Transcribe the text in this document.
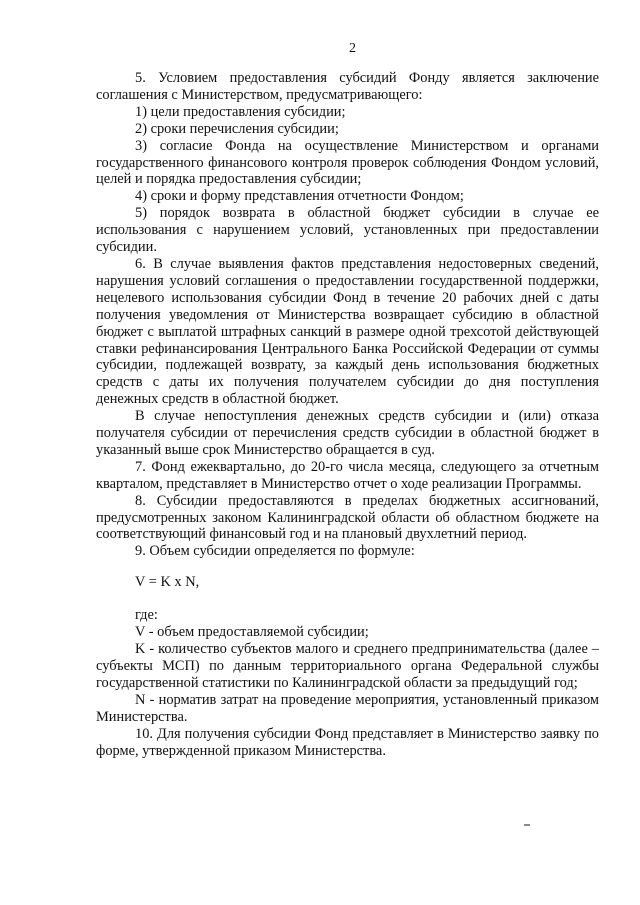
2

5. Условием предоставления субсидий Фонду является заключение соглашения с Министерством, предусматривающего:

1) цели предоставления субсидии;

2) сроки перечисления субсидии;

3) согласие Фонда на осуществление Министерством и органами государственного финансового контроля проверок соблюдения Фондом условий, целей и порядка предоставления субсидии;

4) сроки и форму представления отчетности Фондом;

5) порядок возврата в областной бюджет субсидии в случае ее использования с нарушением условий, установленных при предоставлении субсидии.

6. В случае выявления фактов представления недостоверных сведений, нарушения условий соглашения о предоставлении государственной поддержки, нецелевого использования субсидии Фонд в течение 20 рабочих дней с даты получения уведомления от Министерства возвращает субсидию в областной бюджет с выплатой штрафных санкций в размере одной трехсотой действующей ставки рефинансирования Центрального Банка Российской Федерации от суммы субсидии, подлежащей возврату, за каждый день использования бюджетных средств с даты их получения получателем субсидии до дня поступления денежных средств в областной бюджет.

В случае непоступления денежных средств субсидии и (или) отказа получателя субсидии от перечисления средств субсидии в областной бюджет в указанный выше срок Министерство обращается в суд.

7. Фонд ежеквартально, до 20-го числа месяца, следующего за отчетным кварталом, представляет в Министерство отчет о ходе реализации Программы.

8. Субсидии предоставляются в пределах бюджетных ассигнований, предусмотренных законом Калининградской области об областном бюджете на соответствующий финансовый год и на плановый двухлетний период.

9. Объем субсидии определяется по формуле:

V = K x N,

где:

V - объем предоставляемой субсидии;

K - количество субъектов малого и среднего предпринимательства (далее – субъекты МСП) по данным территориального органа Федеральной службы государственной статистики по Калининградской области за предыдущий год;

N - норматив затрат на проведение мероприятия, установленный приказом Министерства.

10. Для получения субсидии Фонд представляет в Министерство заявку по форме, утвержденной приказом Министерства.
